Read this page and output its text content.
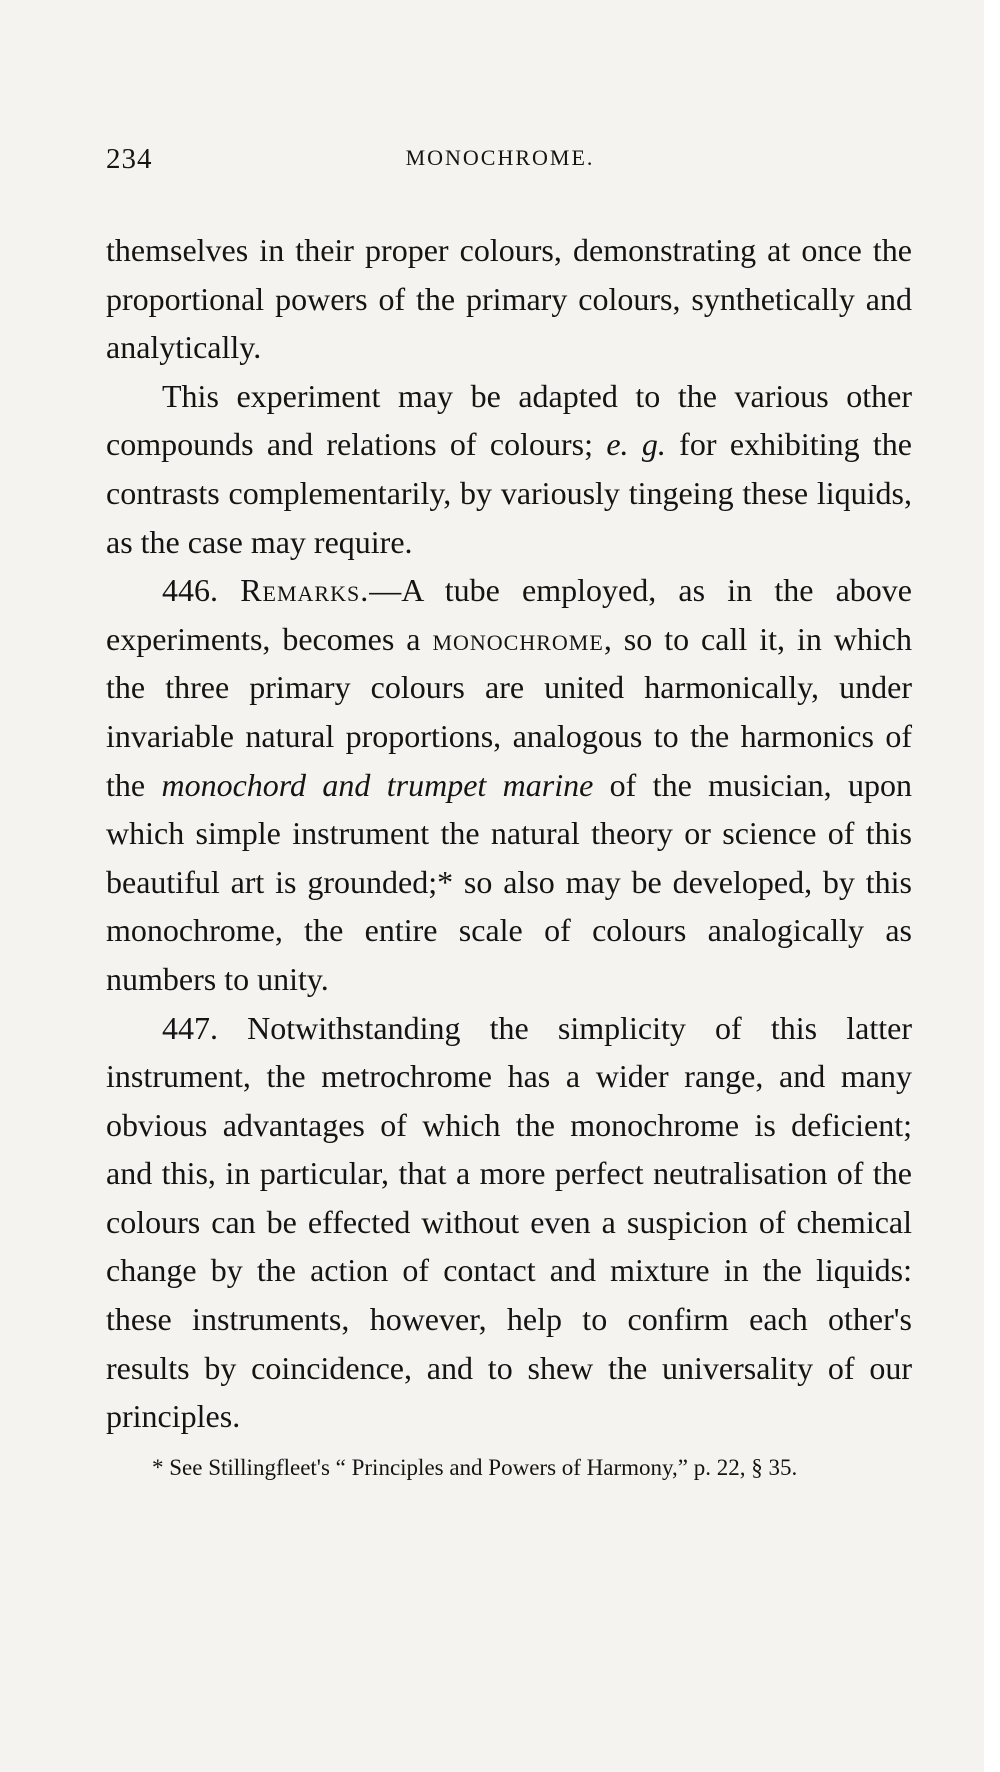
234	MONOCHROME.

themselves in their proper colours, demonstrating at once the proportional powers of the primary colours, synthetically and analytically.

This experiment may be adapted to the various other compounds and relations of colours; e. g. for exhibiting the contrasts complementarily, by variously tingeing these liquids, as the case may require.

446. Remarks.—A tube employed, as in the above experiments, becomes a monochrome, so to call it, in which the three primary colours are united harmonically, under invariable natural proportions, analogous to the harmonics of the monochord and trumpet marine of the musician, upon which simple instrument the natural theory or science of this beautiful art is grounded;* so also may be developed, by this monochrome, the entire scale of colours analogically as numbers to unity.

447. Notwithstanding the simplicity of this latter instrument, the metrochrome has a wider range, and many obvious advantages of which the monochrome is deficient; and this, in particular, that a more perfect neutralisation of the colours can be effected without even a suspicion of chemical change by the action of contact and mixture in the liquids: these instruments, however, help to confirm each other's results by coincidence, and to shew the universality of our principles.

* See Stillingfleet's “ Principles and Powers of Harmony,” p. 22, § 35.
